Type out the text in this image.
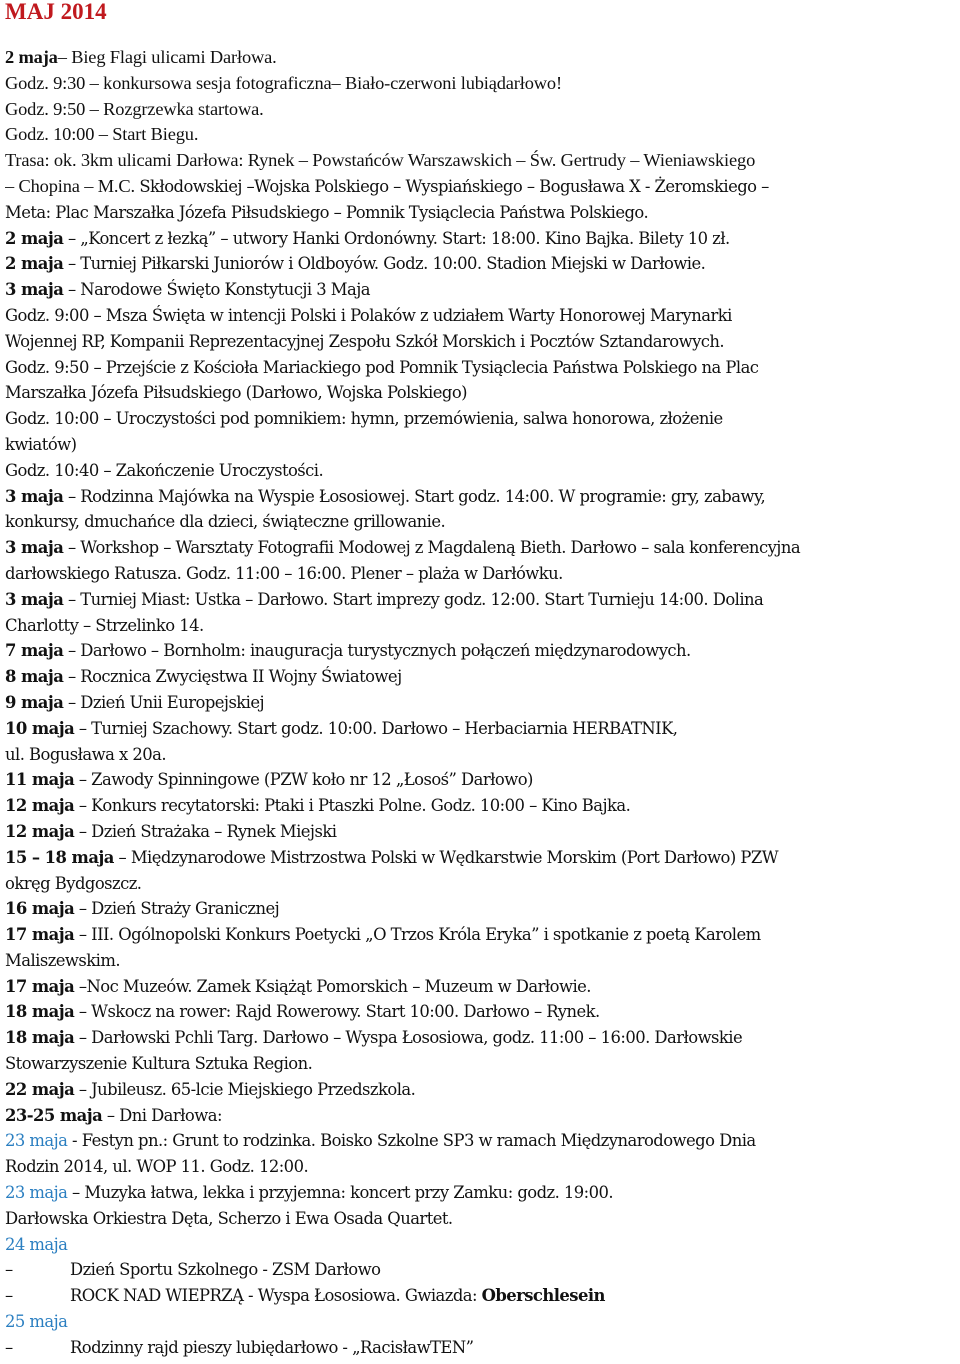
MAJ 2014
2 maja– Bieg Flagi ulicami Darłowa.
Godz. 9:30 – konkursowa sesja fotograficzna– Biało-czerwoni lubiądarłowo!
Godz. 9:50 – Rozgrzewka startowa.
Godz. 10:00 – Start Biegu.
Trasa: ok. 3km ulicami Darłowa: Rynek – Powstańców Warszawskich – Św. Gertrudy – Wieniawskiego
– Chopina – M.C. Skłodowskiej –Wojska Polskiego – Wyspiańskiego – Bogusława X - Żeromskiego –
Meta: Plac Marszałka Józefa Piłsudskiego – Pomnik Tysiąclecia Państwa Polskiego.
2 maja – „Koncert z łezką” – utwory Hanki Ordonówny. Start: 18:00. Kino Bajka. Bilety 10 zł.
2 maja – Turniej Piłkarski Juniorów i Oldboyów. Godz. 10:00. Stadion Miejski w Darłowie.
3 maja – Narodowe Święto Konstytucji 3 Maja
Godz. 9:00 – Msza Święta w intencji Polski i Polaków z udziałem Warty Honorowej Marynarki
Wojennej RP, Kompanii Reprezentacyjnej Zespołu Szkół Morskich i Pocztów Sztandarowych.
Godz. 9:50 – Przejście z Kościoła Mariackiego pod Pomnik Tysiąclecia Państwa Polskiego na Plac
Marszałka Józefa Piłsudskiego (Darłowo, Wojska Polskiego)
Godz. 10:00 – Uroczystości pod pomnikiem: hymn, przemówienia, salwa honorowa, złożenie
kwiatów)
Godz. 10:40 – Zakończenie Uroczystości.
3 maja – Rodzinna Majówka na Wyspie Łososiowej. Start godz. 14:00. W programie: gry, zabawy,
konkursy, dmuchańce dla dzieci, świąteczne grillowanie.
3 maja – Workshop – Warsztaty Fotografii Modowej z Magdaleną Bieth. Darłowo – sala konferencyjna
darłowskiego Ratusza. Godz. 11:00 – 16:00. Plener – plaża w Darłówku.
3 maja – Turniej Miast: Ustka – Darłowo. Start imprezy godz. 12:00. Start Turnieju 14:00. Dolina
Charlotty – Strzelinko 14.
7 maja – Darłowo – Bornholm: inauguracja turystycznych połączeń międzynarodowych.
8 maja – Rocznica Zwycięstwa II Wojny Światowej
9 maja – Dzień Unii Europejskiej
10 maja – Turniej Szachowy. Start godz. 10:00. Darłowo – Herbaciarnia HERBATNIK,
ul. Bogusława x 20a.
11 maja – Zawody Spinningowe (PZW koło nr 12 „Łosoś” Darłowo)
12 maja – Konkurs recytatorski: Ptaki i Ptaszki Polne. Godz. 10:00 – Kino Bajka.
12 maja – Dzień Strażaka – Rynek Miejski
15 – 18 maja – Międzynarodowe Mistrzostwa Polski w Wędkarstwie Morskim (Port Darłowo) PZW
okręg Bydgoszcz.
16 maja – Dzień Straży Granicznej
17 maja – III. Ogólnopolski Konkurs Poetycki „O Trzos Króla Eryka” i spotkanie z poetą Karolem
Maliszewskim.
17 maja –Noc Muzeów. Zamek Książąt Pomorskich – Muzeum w Darłowie.
18 maja – Wskocz na rower: Rajd Rowerowy. Start 10:00. Darłowo – Rynek.
18 maja – Darłowski Pchli Targ. Darłowo – Wyspa Łososiowa, godz. 11:00 – 16:00. Darłowskie
Stowarzyszenie Kultura Sztuka Region.
22 maja – Jubileusz. 65-lcie Miejskiego Przedszkola.
23-25 maja – Dni Darłowa:
23 maja - Festyn pn.: Grunt to rodzinka. Boisko Szkolne SP3 w ramach Międzynarodowego Dnia
Rodzin 2014, ul. WOP 11. Godz. 12:00.
23 maja – Muzyka łatwa, lekka i przyjemna: koncert przy Zamku: godz. 19:00.
Darłowska Orkiestra Dęta, Scherzo i Ewa Osada Quartet.
24 maja
–	Dzień Sportu Szkolnego - ZSM Darłowo
–	ROCK NAD WIEPRZĄ - Wyspa Łososiowa. Gwiazda: Oberschlesein
25 maja
–	Rodzinny rajd pieszy lubiędarłowo - „RacisławTEN”
